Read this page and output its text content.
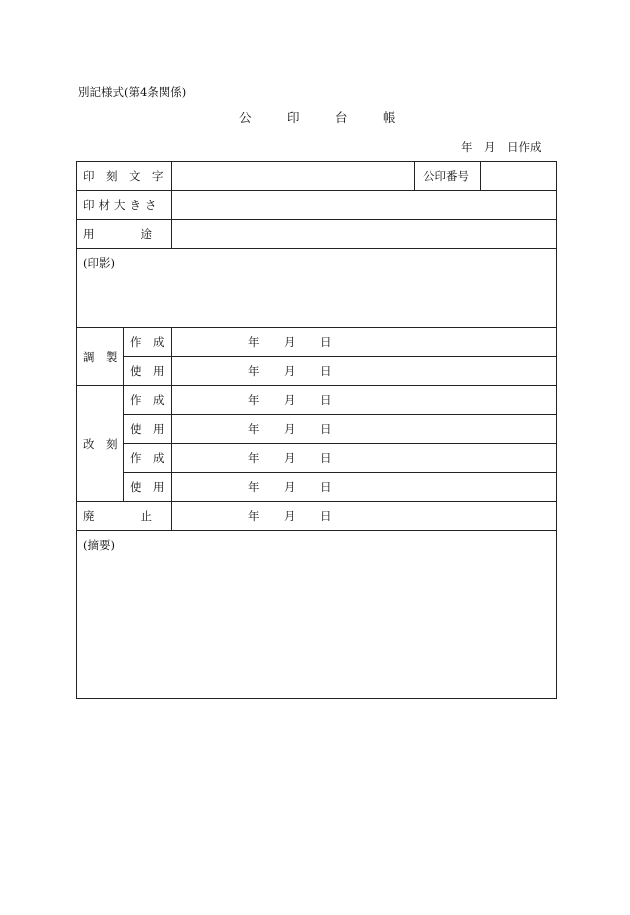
別記様式(第4条関係)
公	印	台	帳
年　月　日作成
印　刻　文　字			公印番号	
印材大きさ				
用　　　　途				
(印影)				
調　製	作　成	年 月 日		
	使　用	年 月 日		
改　刻	作　成	年 月 日		
	使　用	年 月 日		
	作　成	年 月 日		
	使　用	年 月 日		
廃　　　　止		年 月 日		
(摘要)				
